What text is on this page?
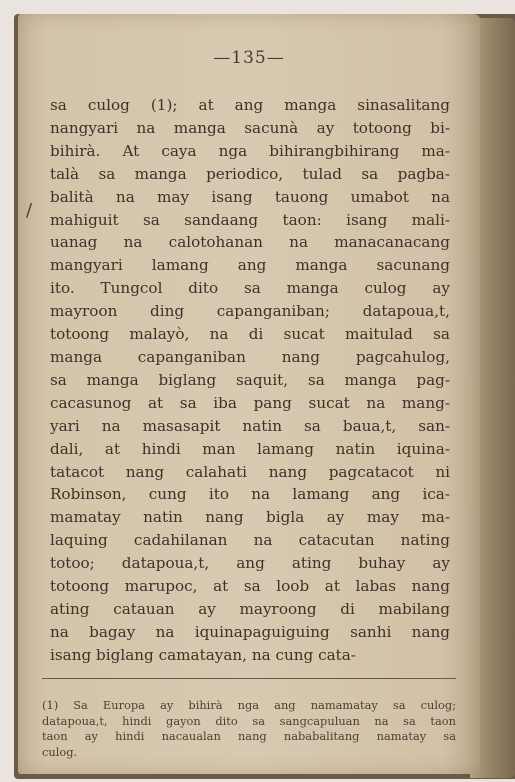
—135—
/
sa culog (1); at ang manga sinasalitang
nangyari na manga sacunà ay totoong bi-
bihirà. At caya nga bihirangbihirang ma-
talà sa manga periodico, tulad sa pagba-
balità na may isang tauong umabot na
mahiguit sa sandaang taon: isang mali-
uanag na calotohanan na manacanacang
mangyari lamang ang manga sacunang
ito. Tungcol dito sa manga culog ay
mayroon ding capanganiban; datapoua,t,
totoong malayò, na di sucat maitulad sa
manga capanganiban nang pagcahulog,
sa manga biglang saquit, sa manga pag-
cacasunog at sa iba pang sucat na mang-
yari na masasapit natin sa baua,t, san-
dali, at hindi man lamang natin iquina-
tatacot nang calahati nang pagcatacot ni
Robinson, cung ito na lamang ang ica-
mamatay natin nang bigla ay may ma-
laquing cadahilanan na catacutan nating
totoo; datapoua,t, ang ating buhay ay
totoong marupoc, at sa loob at labas nang
ating catauan ay mayroong di mabilang
na bagay na iquinapaguiguing sanhi nang
isang biglang camatayan, na cung cata-
(1) Sa Europa ay bihirà nga ang namamatay sa culog;
datapoua,t, hindi gayon dito sa sangcapuluan na sa taon
taon ay hindi nacaualan nang nababalitang namatay sa
culog.
